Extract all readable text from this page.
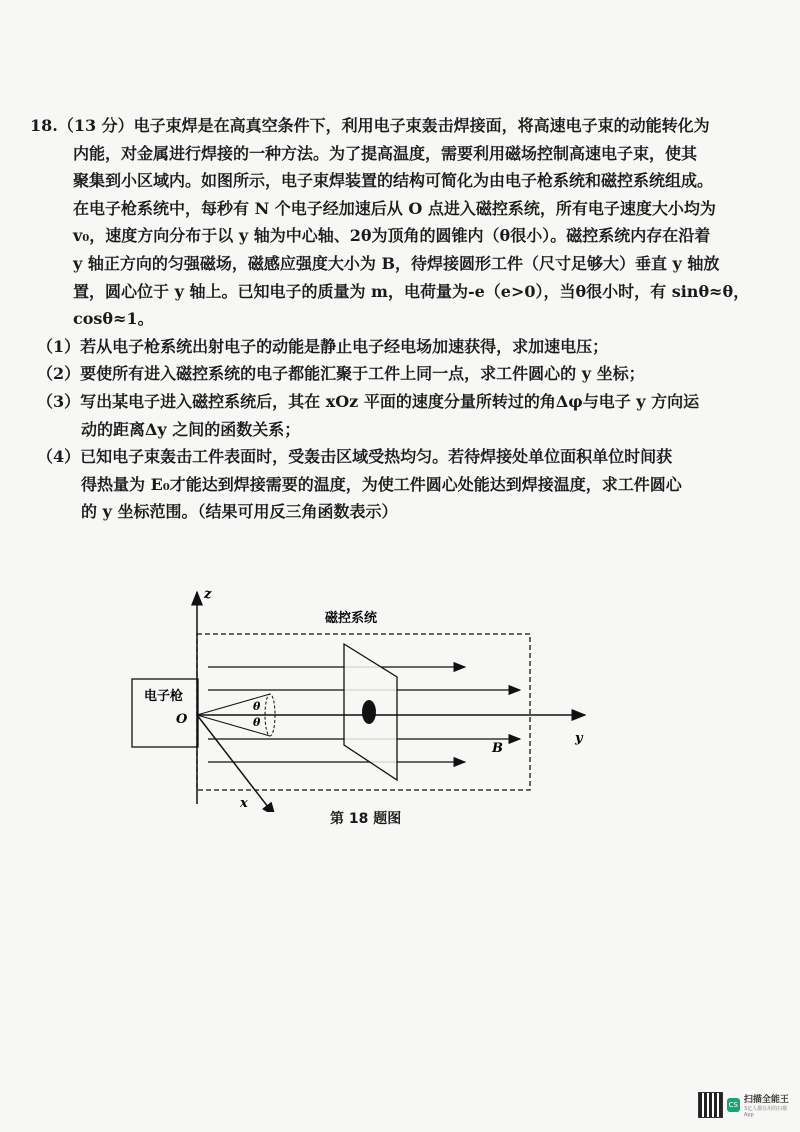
18.（13 分）电子束焊是在高真空条件下，利用电子束轰击焊接面，将高速电子束的动能转化为
内能，对金属进行焊接的一种方法。为了提高温度，需要利用磁场控制高速电子束，使其
聚集到小区域内。如图所示，电子束焊装置的结构可简化为由电子枪系统和磁控系统组成。
在电子枪系统中，每秒有 N 个电子经加速后从 O 点进入磁控系统，所有电子速度大小均为
v₀，速度方向分布于以 y 轴为中心轴、2θ为顶角的圆锥内（θ很小）。磁控系统内存在沿着
y 轴正方向的匀强磁场，磁感应强度大小为 B，待焊接圆形工件（尺寸足够大）垂直 y 轴放
置，圆心位于 y 轴上。已知电子的质量为 m，电荷量为-e（e>0），当θ很小时，有 sinθ≈θ，
cosθ≈1。
（1）若从电子枪系统出射电子的动能是静止电子经电场加速获得，求加速电压；
（2）要使所有进入磁控系统的电子都能汇聚于工件上同一点，求工件圆心的 y 坐标；
（3）写出某电子进入磁控系统后，其在 xOz 平面的速度分量所转过的角Δφ与电子 y 方向运
动的距离Δy 之间的函数关系；
（4）已知电子束轰击工件表面时，受轰击区域受热均匀。若待焊接处单位面积单位时间获
得热量为 E₀才能达到焊接需要的温度，为使工件圆心处能达到焊接温度，求工件圆心
的 y 坐标范围。（结果可用反三角函数表示）
磁控系统
电子枪
z
x
y
O
B
θ
θ
第 18 题图
CS 扫描全能王
3亿人都在用的扫描App
